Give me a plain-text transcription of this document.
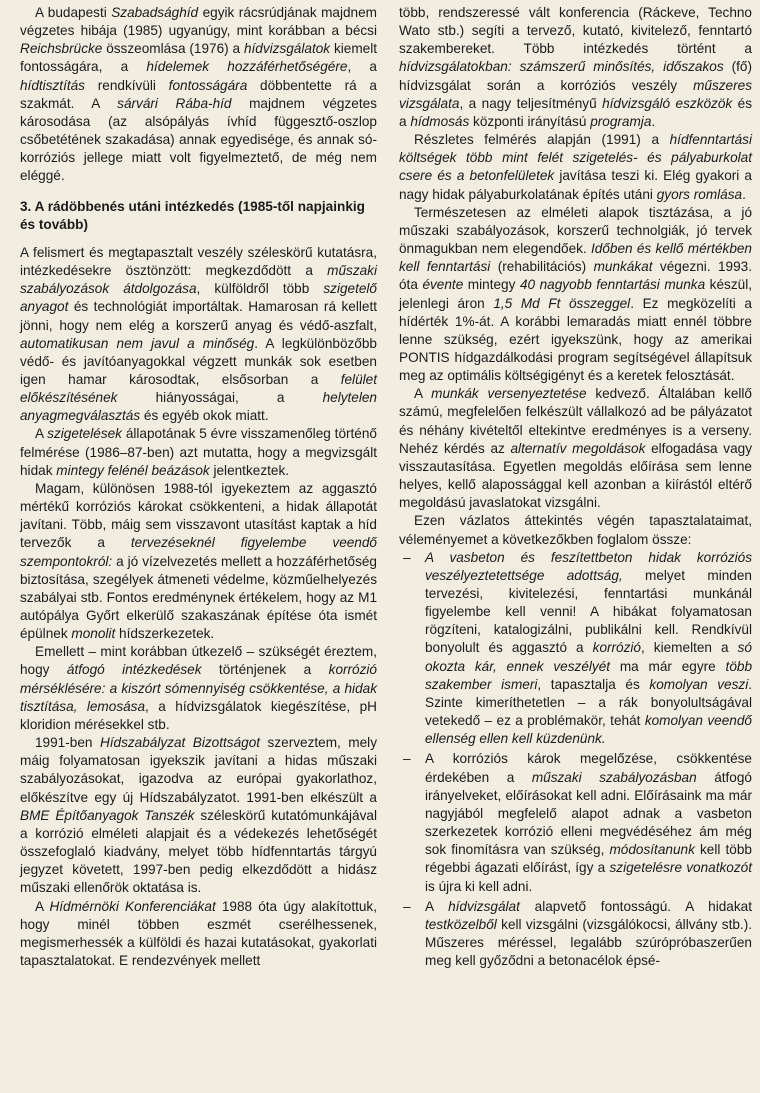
A budapesti Szabadsághíd egyik rácsrúdjának majdnem végzetes hibája (1985) ugyanúgy, mint korábban a bécsi Reichsbrücke összeomlása (1976) a hídvizsgálatok kiemelt fontosságára, a hídelemek hozzáférhetőségére, a hídtisztítás rendkívüli fontosságára döbbentette rá a szakmát. A sárvári Rába-híd majdnem végzetes károsodása (az alsópályás ívhíd függesztő-oszlop csőbetétének szakadása) annak egyedisége, és annak só-korróziós jellege miatt volt figyelmeztető, de még nem eléggé.

3. A rádöbbenés utáni intézkedés (1985-től napjainkig és tovább)

A felismert és megtapasztalt veszély széleskörű kutatásra, intézkedésekre ösztönzött: megkezdődött a műszaki szabályozások átdolgozása, külföldről több szigetelő anyagot és technológiát importáltak. Hamarosan rá kellett jönni, hogy nem elég a korszerű anyag és védő-aszfalt, automatikusan nem javul a minőség. A legkülönbözőbb védő- és javítóanyagokkal végzett munkák sok esetben igen hamar károsodtak, elsősorban a felület előkészítésének hiányosságai, a helytelen anyagmegválasztás és egyéb okok miatt.

A szigetelések állapotának 5 évre visszamenőleg történő felmérése (1986–87-ben) azt mutatta, hogy a megvizsgált hidak mintegy felénél beázások jelentkeztek.

Magam, különösen 1988-tól igyekeztem az aggasztó mértékű korróziós károkat csökkenteni, a hidak állapotát javítani. Több, máig sem visszavont utasítást kaptak a híd tervezők a tervezéseknél figyelembe veendő szempontokról: a jó vízelvezetés mellett a hozzáférhetőség biztosítása, szegélyek átmeneti védelme, közműelhelyezés szabályai stb. Fontos eredménynek értékelem, hogy az M1 autópálya Győrt elkerülő szakaszának építése óta ismét épülnek monolit hídszerkezetek.

Emellett – mint korábban útkezelő – szükségét éreztem, hogy átfogó intézkedések történjenek a korrózió mérséklésére: a kiszórt sómennyiség csökkentése, a hidak tisztítása, lemosása, a hídvizsgálatok kiegészítése, pH kloridion mérésekkel stb.

1991-ben Hídszabályzat Bizottságot szerveztem, mely máig folyamatosan igyekszik javítani a hidas műszaki szabályozásokat, igazodva az európai gyakorlathoz, előkészítve egy új Hídszabályzatot. 1991-ben elkészült a BME Építőanyagok Tanszék széleskörű kutatómunkájával a korrózió elméleti alapjait és a védekezés lehetőségét összefoglaló kiadvány, melyet több hídfenntartás tárgyú jegyzet követett, 1997-ben pedig elkezdődött a hidász műszaki ellenőrök oktatása is.

A Hídmérnöki Konferenciákat 1988 óta úgy alakítottuk, hogy minél többen eszmét cserélhessenek, megismerhessék a külföldi és hazai kutatásokat, gyakorlati tapasztalatokat. E rendezvények mellett

több, rendszeressé vált konferencia (Ráckeve, Techno Wato stb.) segíti a tervező, kutató, kivitelező, fenntartó szakembereket. Több intézkedés történt a hídvizsgálatokban: számszerű minősítés, időszakos (fő) hídvizsgálat során a korróziós veszély műszeres vizsgálata, a nagy teljesítményű hídvizsgáló eszközök és a hídmosás központi irányítású programja.

Részletes felmérés alapján (1991) a hídfenntartási költségek több mint felét szigetelés- és pályaburkolat csere és a betonfelületek javítása teszi ki. Elég gyakori a nagy hidak pályaburkolatának építés utáni gyors romlása.

Természetesen az elméleti alapok tisztázása, a jó műszaki szabályozások, korszerű technolgiák, jó tervek önmagukban nem elegendőek. Időben és kellő mértékben kell fenntartási (rehabilitációs) munkákat végezni. 1993. óta évente mintegy 40 nagyobb fenntartási munka készül, jelenlegi áron 1,5 Md Ft összeggel. Ez megközelíti a hídérték 1%-át. A korábbi lemaradás miatt ennél többre lenne szükség, ezért igyekszünk, hogy az amerikai PONTIS hídgazdálkodási program segítségével állapítsuk meg az optimális költségigényt és a keretek felosztását.

A munkák versenyeztetése kedvező. Általában kellő számú, megfelelően felkészült vállalkozó ad be pályázatot és néhány kivételtől eltekintve eredményes is a verseny. Nehéz kérdés az alternatív megoldások elfogadása vagy visszautasítása. Egyetlen megoldás előírása sem lenne helyes, kellő alapossággal kell azonban a kiírástól eltérő megoldású javaslatokat vizsgálni.

Ezen vázlatos áttekintés végén tapasztalataimat, véleményemet a következőkben foglalom össze:

– A vasbeton és feszítettbeton hidak korróziós veszélyeztetettsége adottság, melyet minden tervezési, kivitelezési, fenntartási munkánál figyelembe kell venni! A hibákat folyamatosan rögzíteni, katalogizálni, publikálni kell. Rendkívül bonyolult és aggasztó a korrózió, kiemelten a só okozta kár, ennek veszélyét ma már egyre több szakember ismeri, tapasztalja és komolyan veszi. Szinte kimeríthetetlen – a rák bonyolultságával vetekedő – ez a problémakör, tehát komolyan veendő ellenség ellen kell küzdenünk.
– A korróziós károk megelőzése, csökkentése érdekében a műszaki szabályozásban átfogó irányelveket, előírásokat kell adni. Előírásaink ma már nagyjából megfelelő alapot adnak a vasbeton szerkezetek korrózió elleni megvédéséhez ám még sok finomításra van szükség, módosítanunk kell több régebbi ágazati előírást, így a szigetelésre vonatkozót is újra ki kell adni.
– A hídvizsgálat alapvető fontosságú. A hidakat testközelből kell vizsgálni (vizsgálókocsi, állvány stb.). Műszeres méréssel, legalább szúrópróbaszerűen meg kell győződni a betonacélok épsé-
